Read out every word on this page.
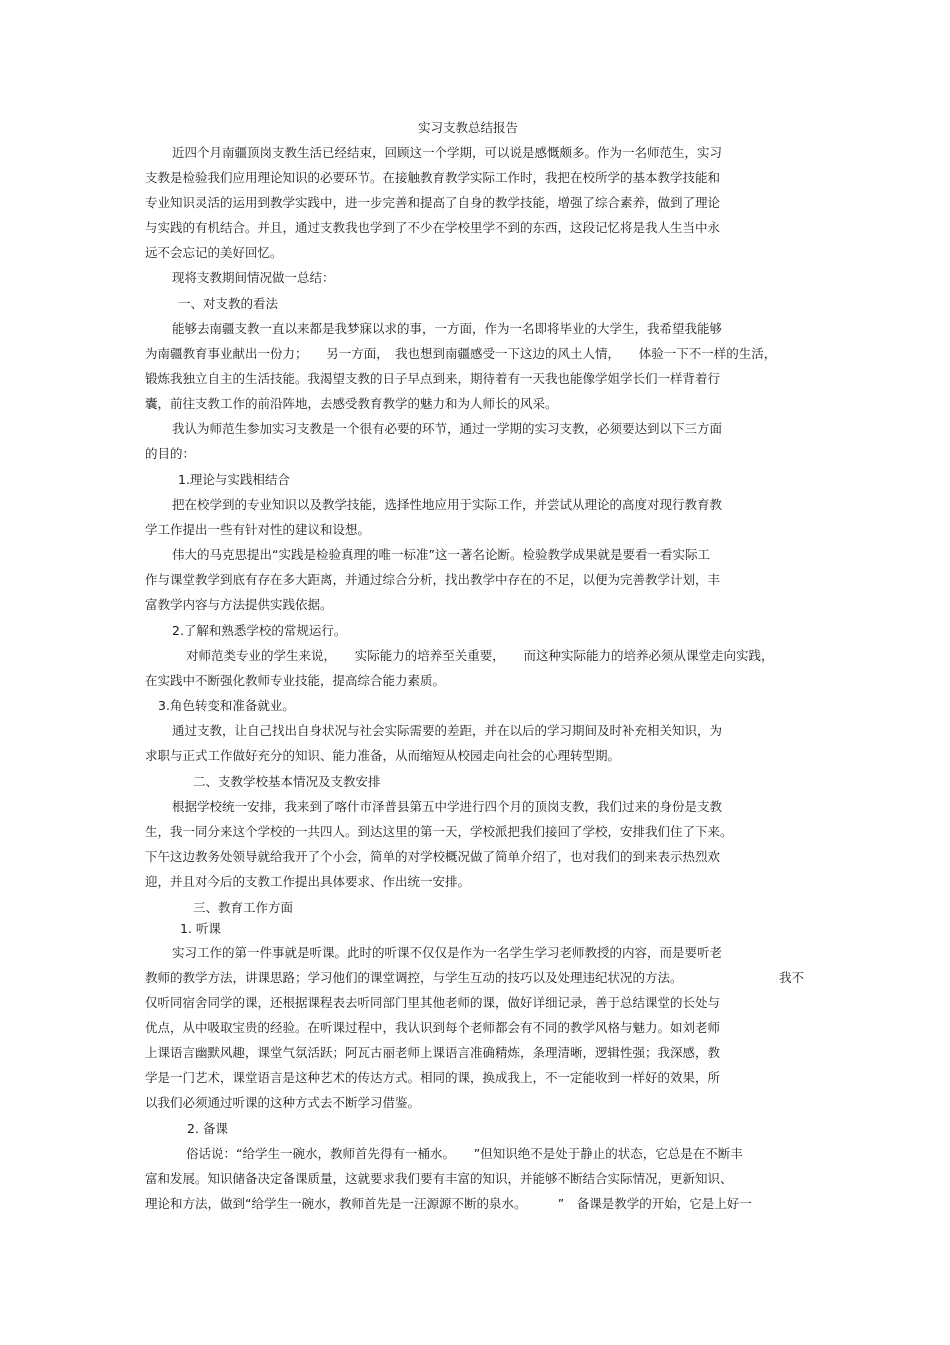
实习支教总结报告
近四个月南疆顶岗支教生活已经结束，回顾这一个学期，可以说是感慨颇多。作为一名师范生，实习
支教是检验我们应用理论知识的必要环节。在接触教育教学实际工作时，我把在校所学的基本教学技能和
专业知识灵活的运用到教学实践中，进一步完善和提高了自身的教学技能，增强了综合素养，做到了理论
与实践的有机结合。并且，通过支教我也学到了不少在学校里学不到的东西，这段记忆将是我人生当中永
远不会忘记的美好回忆。
现将支教期间情况做一总结：
一、对支教的看法
能够去南疆支教一直以来都是我梦寐以求的事，一方面，作为一名即将毕业的大学生，我希望我能够
为南疆教育事业献出一份力；　　另一方面，　我也想到南疆感受一下这边的风土人情，　　体验一下不一样的生活，
锻炼我独立自主的生活技能。我渴望支教的日子早点到来，期待着有一天我也能像学姐学长们一样背着行
囊，前往支教工作的前沿阵地，去感受教育教学的魅力和为人师长的风采。
我认为师范生参加实习支教是一个很有必要的环节，通过一学期的实习支教，必须要达到以下三方面
的目的：
1.理论与实践相结合
把在校学到的专业知识以及教学技能，选择性地应用于实际工作，并尝试从理论的高度对现行教育教
学工作提出一些有针对性的建议和设想。
伟大的马克思提出“实践是检验真理的唯一标准”这一著名论断。检验教学成果就是要看一看实际工
作与课堂教学到底有存在多大距离，并通过综合分析，找出教学中存在的不足，以便为完善教学计划，丰
富教学内容与方法提供实践依据。
2.了解和熟悉学校的常规运行。
对师范类专业的学生来说，　　实际能力的培养至关重要，　　而这种实际能力的培养必须从课堂走向实践，
在实践中不断强化教师专业技能，提高综合能力素质。
3.角色转变和准备就业。
通过支教，让自己找出自身状况与社会实际需要的差距，并在以后的学习期间及时补充相关知识，为
求职与正式工作做好充分的知识、能力准备，从而缩短从校园走向社会的心理转型期。
二、支教学校基本情况及支教安排
根据学校统一安排，我来到了喀什市泽普县第五中学进行四个月的顶岗支教，我们过来的身份是支教
生，我一同分来这个学校的一共四人。到达这里的第一天，学校派把我们接回了学校，安排我们住了下来。
下午这边教务处领导就给我开了个小会，简单的对学校概况做了简单介绍了，也对我们的到来表示热烈欢
迎，并且对今后的支教工作提出具体要求、作出统一安排。
三、教育工作方面
1. 听课
实习工作的第一件事就是听课。此时的听课不仅仅是作为一名学生学习老师教授的内容，而是要听老
教师的教学方法，讲课思路；学习他们的课堂调控，与学生互动的技巧以及处理违纪状况的方法。	我不
仅听同宿舍同学的课，还根据课程表去听同部门里其他老师的课，做好详细记录，善于总结课堂的长处与
优点，从中吸取宝贵的经验。在听课过程中，我认识到每个老师都会有不同的教学风格与魅力。如刘老师
上课语言幽默风趣，课堂气氛活跃；阿瓦古丽老师上课语言准确精炼，条理清晰，逻辑性强；我深感，教
学是一门艺术，课堂语言是这种艺术的传达方式。相同的课，换成我上，不一定能收到一样好的效果，所
以我们必须通过听课的这种方式去不断学习借鉴。
2. 备课
俗话说：“给学生一碗水，教师首先得有一桶水。　　”但知识绝不是处于静止的状态，它总是在不断丰
富和发展。知识储备决定备课质量，这就要求我们要有丰富的知识，并能够不断结合实际情况，更新知识、
理论和方法，做到“给学生一碗水，教师首先是一汪源源不断的泉水。　　　”　备课是教学的开始，它是上好一
